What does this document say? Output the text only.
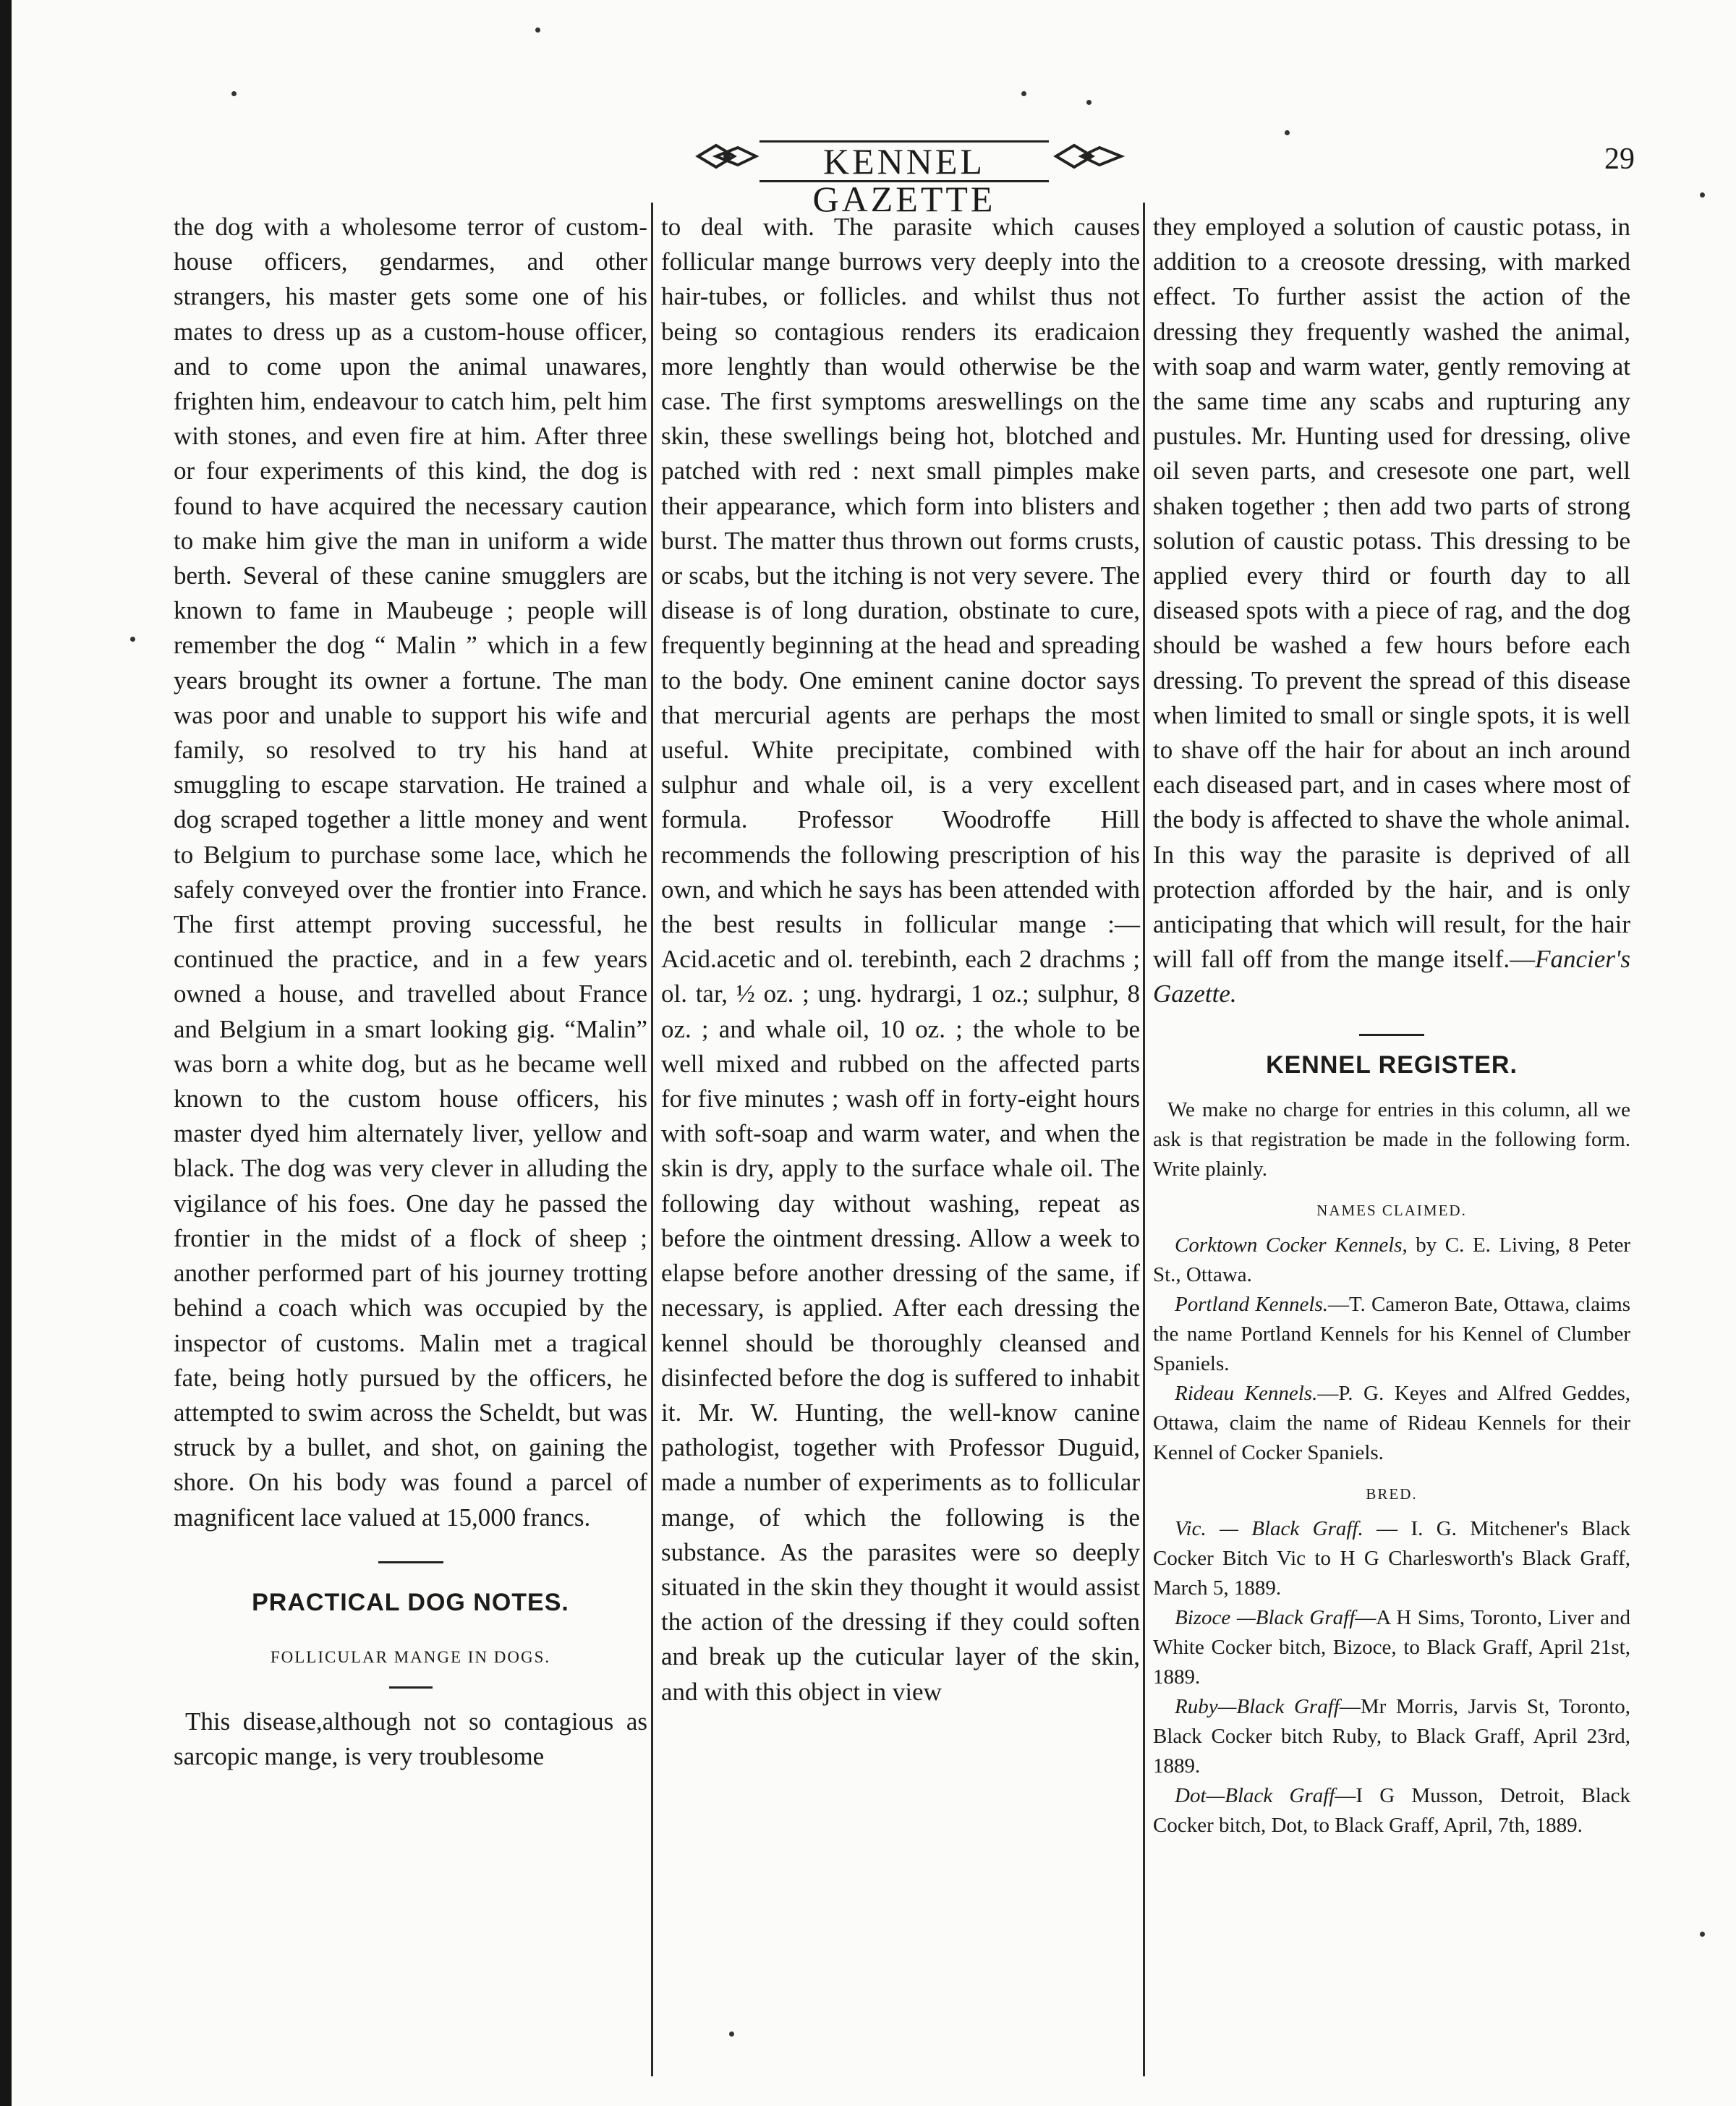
KENNEL GAZETTE
29

the dog with a wholesome terror of custom-house officers, gendarmes, and other strangers, his master gets some one of his mates to dress up as a custom-house officer, and to come upon the animal unawares, frighten him, endeavour to catch him, pelt him with stones, and even fire at him. After three or four experiments of this kind, the dog is found to have acquired the necessary caution to make him give the man in uniform a wide berth. Several of these canine smugglers are known to fame in Maubeuge ; people will remember the dog “ Malin ” which in a few years brought its owner a fortune. The man was poor and unable to support his wife and family, so resolved to try his hand at smuggling to escape starvation. He trained a dog scraped together a little money and went to Belgium to purchase some lace, which he safely conveyed over the frontier into France. The first attempt proving successful, he continued the practice, and in a few years owned a house, and travelled about France and Belgium in a smart looking gig. “Malin” was born a white dog, but as he became well known to the custom house officers, his master dyed him alternately liver, yellow and black. The dog was very clever in alluding the vigilance of his foes. One day he passed the frontier in the midst of a flock of sheep ; another performed part of his journey trotting behind a coach which was occupied by the inspector of customs. Malin met a tragical fate, being hotly pursued by the officers, he attempted to swim across the Scheldt, but was struck by a bullet, and shot, on gaining the shore. On his body was found a parcel of magnificent lace valued at 15,000 francs.

PRACTICAL DOG NOTES.
FOLLICULAR MANGE IN DOGS.

This disease,although not so contagious as sarcopic mange, is very troublesome

to deal with. The parasite which causes follicular mange burrows very deeply into the hair-tubes, or follicles. and whilst thus not being so contagious renders its eradicaion more lenghtly than would otherwise be the case. The first symptoms areswellings on the skin, these swellings being hot, blotched and patched with red : next small pimples make their appearance, which form into blisters and burst. The matter thus thrown out forms crusts, or scabs, but the itching is not very severe. The disease is of long duration, obstinate to cure, frequently beginning at the head and spreading to the body. One eminent canine doctor says that mercurial agents are perhaps the most useful. White precipitate, combined with sulphur and whale oil, is a very excellent formula. Professor Woodroffe Hill recommends the following prescription of his own, and which he says has been attended with the best results in follicular mange :—Acid.acetic and ol. terebinth, each 2 drachms ; ol. tar, ½ oz. ; ung. hydrargi, 1 oz.; sulphur, 8 oz. ; and whale oil, 10 oz. ; the whole to be well mixed and rubbed on the affected parts for five minutes ; wash off in forty-eight hours with soft-soap and warm water, and when the skin is dry, apply to the surface whale oil. The following day without washing, repeat as before the ointment dressing. Allow a week to elapse before another dressing of the same, if necessary, is applied. After each dressing the kennel should be thoroughly cleansed and disinfected before the dog is suffered to inhabit it. Mr. W. Hunting, the well-know canine pathologist, together with Professor Duguid, made a number of experiments as to follicular mange, of which the following is the substance. As the parasites were so deeply situated in the skin they thought it would assist the action of the dressing if they could soften and break up the cuticular layer of the skin, and with this object in view

they employed a solution of caustic potass, in addition to a creosote dressing, with marked effect. To further assist the action of the dressing they frequently washed the animal, with soap and warm water, gently removing at the same time any scabs and rupturing any pustules. Mr. Hunting used for dressing, olive oil seven parts, and cresesote one part, well shaken together ; then add two parts of strong solution of caustic potass. This dressing to be applied every third or fourth day to all diseased spots with a piece of rag, and the dog should be washed a few hours before each dressing. To prevent the spread of this disease when limited to small or single spots, it is well to shave off the hair for about an inch around each diseased part, and in cases where most of the body is affected to shave the whole animal. In this way the parasite is deprived of all protection afforded by the hair, and is only anticipating that which will result, for the hair will fall off from the mange itself.—Fancier's Gazette.

KENNEL REGISTER.
We make no charge for entries in this column, all we ask is that registration be made in the following form. Write plainly.
NAMES CLAIMED.

Corktown Cocker Kennels, by C. E. Living, 8 Peter St., Ottawa.

Portland Kennels.—T. Cameron Bate, Ottawa, claims the name Portland Kennels for his Kennel of Clumber Spaniels.

Rideau Kennels.—P. G. Keyes and Alfred Geddes, Ottawa, claim the name of Rideau Kennels for their Kennel of Cocker Spaniels.

BRED.

Vic. — Black Graff. — I. G. Mitchener's Black Cocker Bitch Vic to H G Charlesworth's Black Graff, March 5, 1889.

Bizoce —Black Graff—A H Sims, Toronto, Liver and White Cocker bitch, Bizoce, to Black Graff, April 21st, 1889.

Ruby—Black Graff—Mr Morris, Jarvis St, Toronto, Black Cocker bitch Ruby, to Black Graff, April 23rd, 1889.

Dot—Black Graff—I G Musson, Detroit, Black Cocker bitch, Dot, to Black Graff, April, 7th, 1889.
